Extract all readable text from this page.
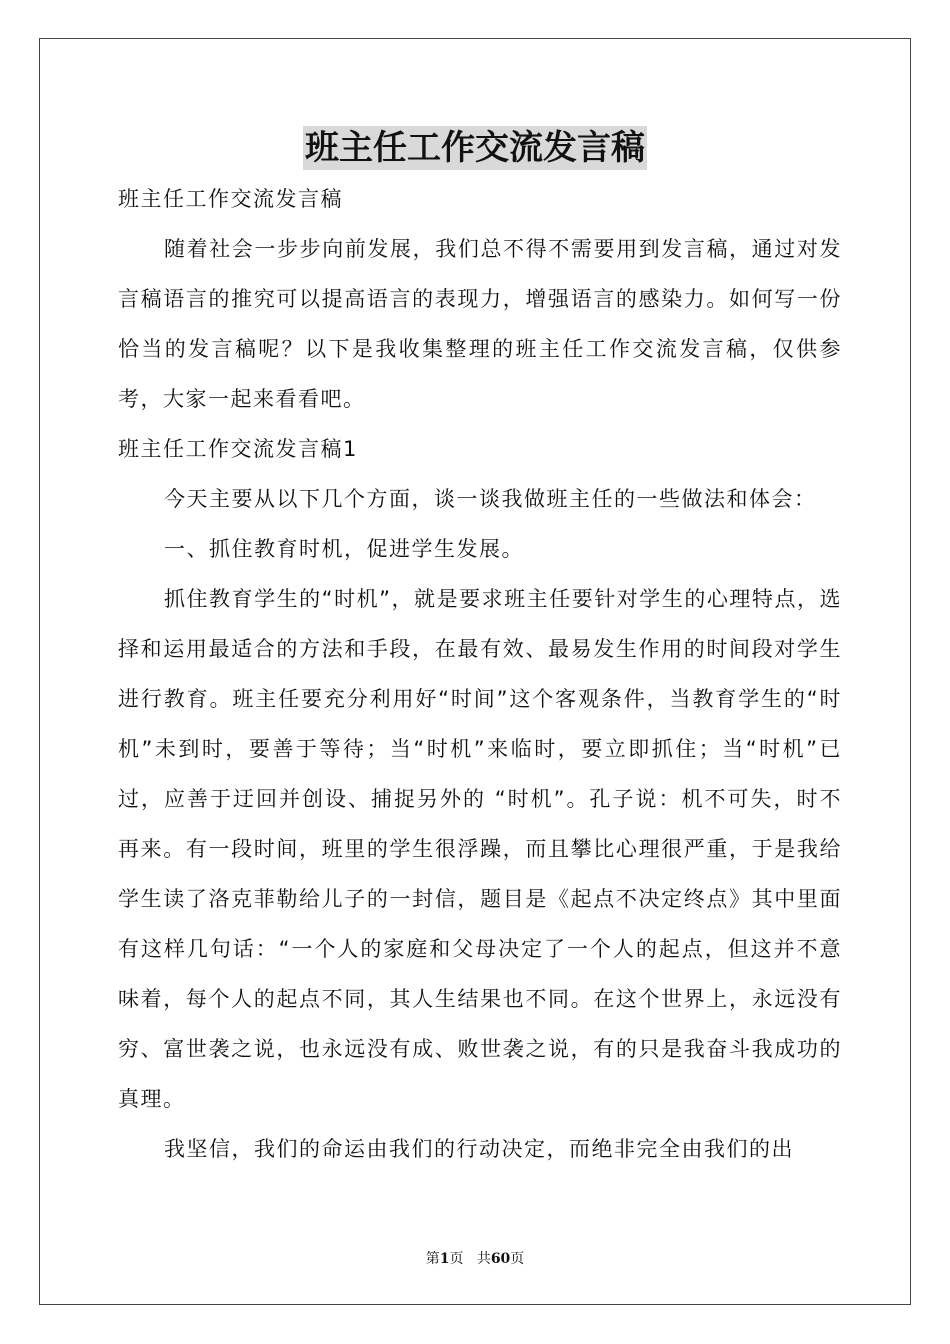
班主任工作交流发言稿

班主任工作交流发言稿

随着社会一步步向前发展，我们总不得不需要用到发言稿，通过对发言稿语言的推究可以提高语言的表现力，增强语言的感染力。如何写一份恰当的发言稿呢？以下是我收集整理的班主任工作交流发言稿，仅供参考，大家一起来看看吧。

班主任工作交流发言稿1

今天主要从以下几个方面，谈一谈我做班主任的一些做法和体会：

一、抓住教育时机，促进学生发展。

抓住教育学生的“时机”，就是要求班主任要针对学生的心理特点，选择和运用最适合的方法和手段，在最有效、最易发生作用的时间段对学生进行教育。班主任要充分利用好“时间”这个客观条件，当教育学生的“时机”未到时，要善于等待；当“时机”来临时，要立即抓住；当“时机”已过，应善于迂回并创设、捕捉另外的 “时机”。孔子说：机不可失，时不再来。有一段时间，班里的学生很浮躁，而且攀比心理很严重，于是我给学生读了洛克菲勒给儿子的一封信，题目是《起点不决定终点》其中里面有这样几句话：“一个人的家庭和父母决定了一个人的起点，但这并不意味着，每个人的起点不同，其人生结果也不同。在这个世界上，永远没有穷、富世袭之说，也永远没有成、败世袭之说，有的只是我奋斗我成功的真理。

我坚信，我们的命运由我们的行动决定，而绝非完全由我们的出

第1页 共60页
